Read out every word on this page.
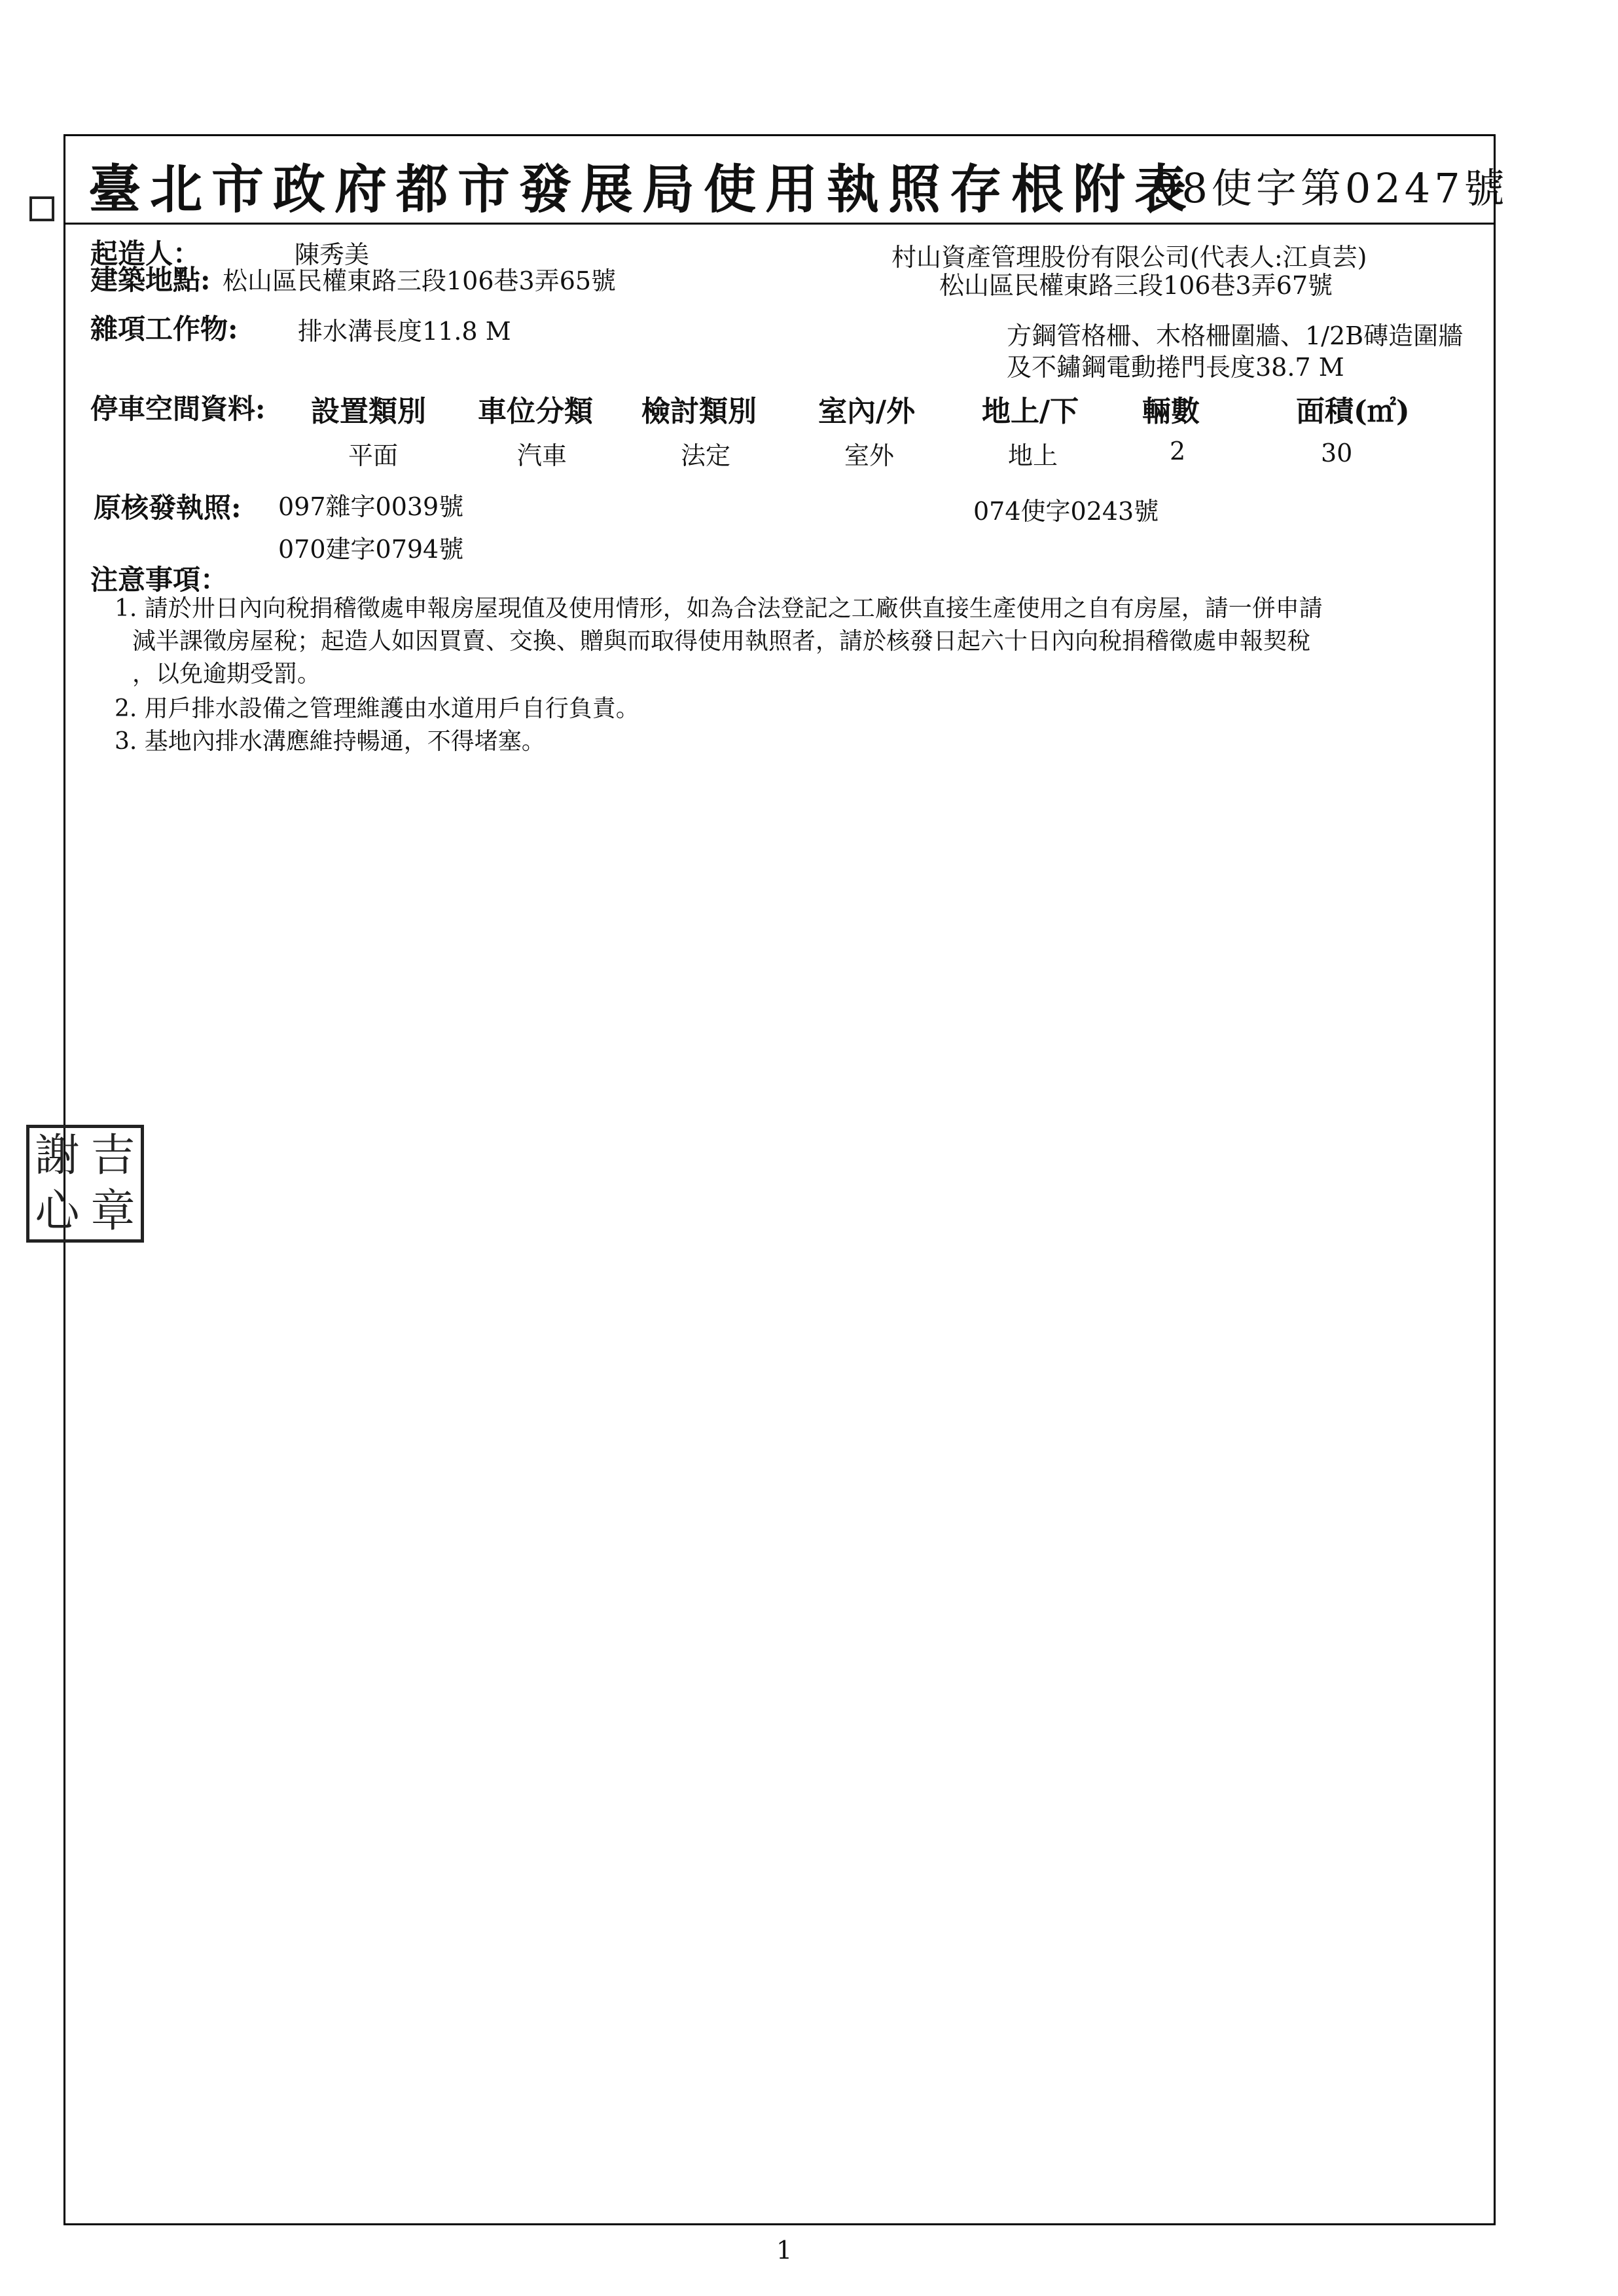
臺北市政府都市發展局使用執照存根附表
98使字第0247號
起造人：	陳秀美	村山資產管理股份有限公司(代表人:江貞芸)
建築地點: 松山區民權東路三段106巷3弄65號	松山區民權東路三段106巷3弄67號
雜項工作物: 排水溝長度11.8 M	方鋼管格柵、木格柵圍牆、1/2B磚造圍牆
及不鏽鋼電動捲門長度38.7 M
停車空間資料: 設置類別 車位分類 檢討類別 室內/外 地上/下 輛數	面積(㎡)
平面	汽車	法定	室外	地上	2	30
原核發執照: 097雜字0039號
070建字0794號
074使字0243號
注意事項：
1. 請於卅日內向稅捐稽徵處申報房屋現值及使用情形，如為合法登記之工廠供直接生產使用之自有房屋，請一併申請
減半課徵房屋稅；起造人如因買賣、交換、贈與而取得使用執照者，請於核發日起六十日內向稅捐稽徵處申報契稅
，以免逾期受罰。
2. 用戶排水設備之管理維護由水道用戶自行負責。
3. 基地內排水溝應維持暢通，不得堵塞。
謝 吉
心 章
1
